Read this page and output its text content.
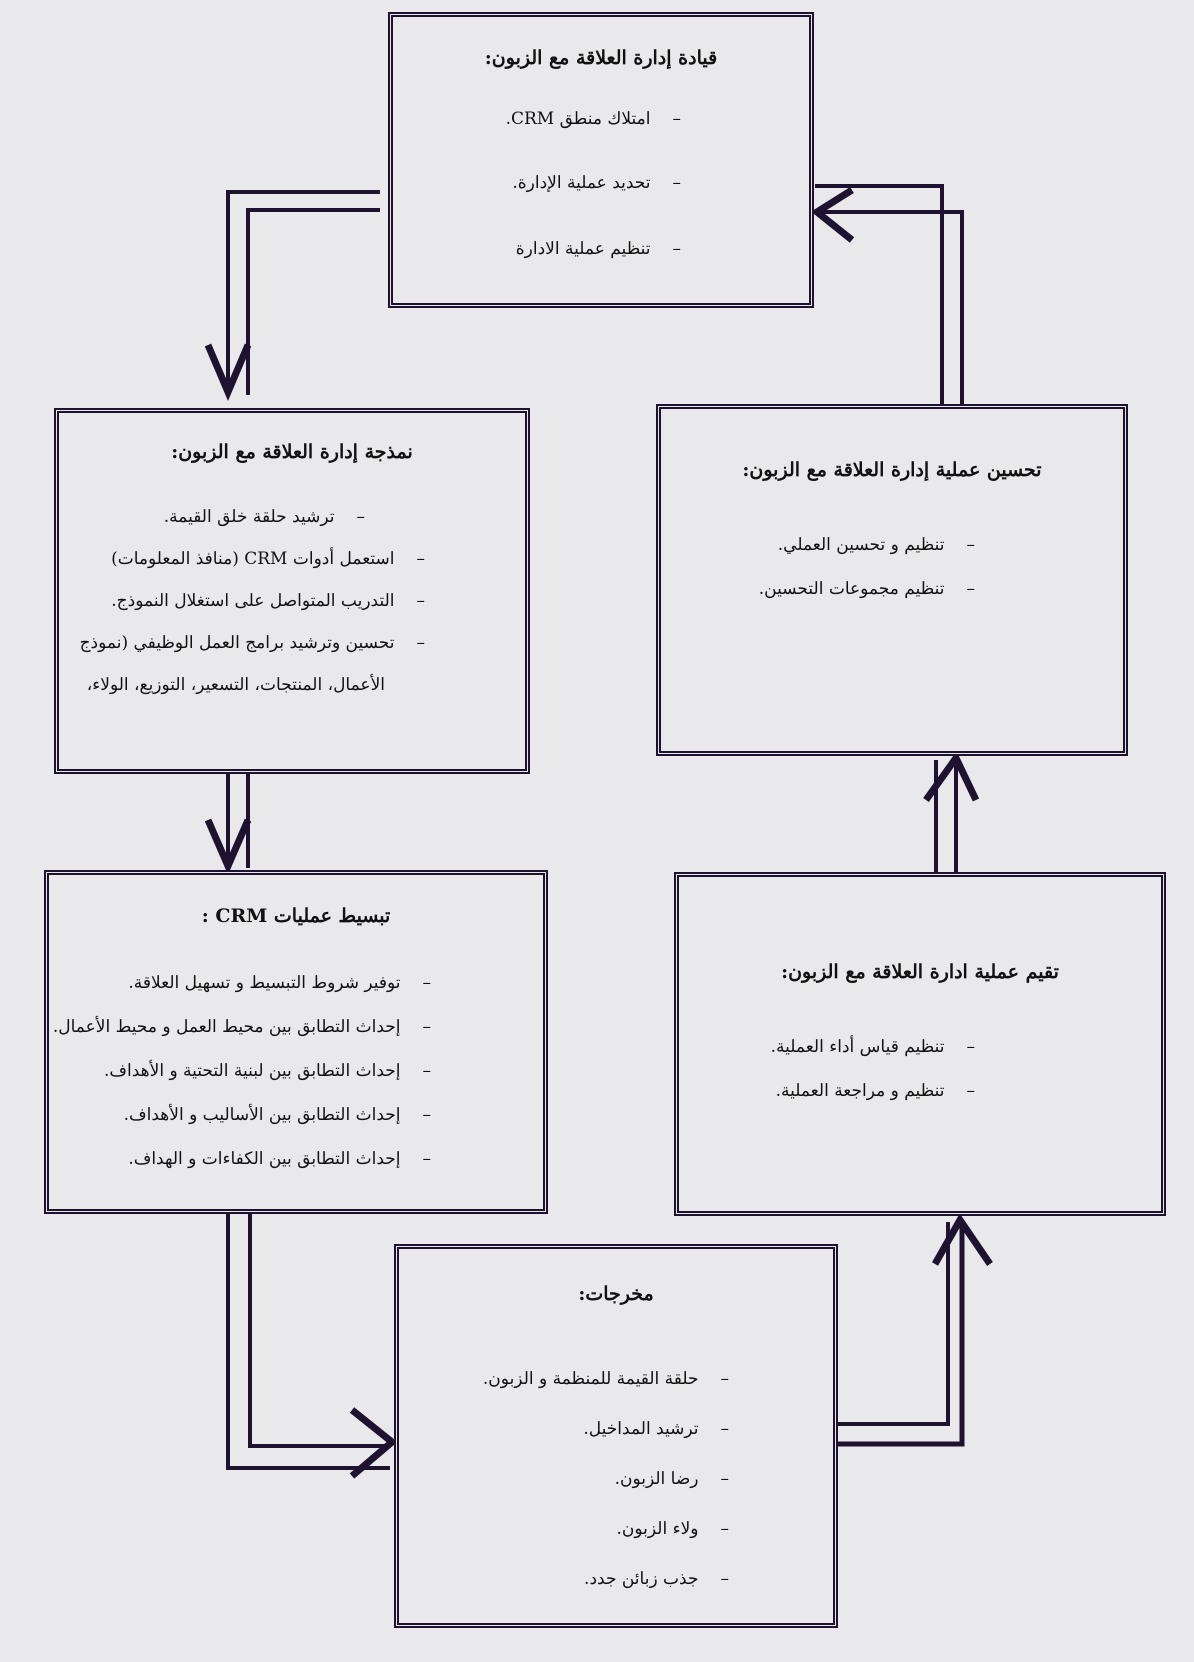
قيادة إدارة العلاقة مع الزبون:

– امتلاك منطق CRM.
– تحديد عملية الإدارة.
– تنظيم عملية الادارة

نمذجة إدارة العلاقة مع الزبون:

– ترشيد حلقة خلق القيمة.
– استعمل أدوات CRM (منافذ المعلومات)
– التدريب المتواصل على استغلال النموذج.
– تحسين وترشيد برامج العمل الوظيفي (نموذج
الأعمال، المنتجات، التسعير، التوزيع، الولاء،

تبسيط عمليات CRM :

– توفير شروط التبسيط و تسهيل العلاقة.
– إحداث التطابق بين محيط العمل و محيط الأعمال.
– إحداث التطابق بين لبنية التحتية و الأهداف.
– إحداث التطابق بين الأساليب و الأهداف.
– إحداث التطابق بين الكفاءات و الهداف.

مخرجات:

– حلقة القيمة للمنظمة و الزبون.
– ترشيد المداخيل.
– رضا الزبون.
– ولاء الزبون.
– جذب زبائن جدد.

تقيم عملية ادارة العلاقة مع الزبون:

– تنظيم قياس أداء العملية.
– تنظيم و مراجعة العملية.

تحسين عملية إدارة العلاقة مع الزبون:

– تنظيم و تحسين العملي.
– تنظيم مجموعات التحسين.
